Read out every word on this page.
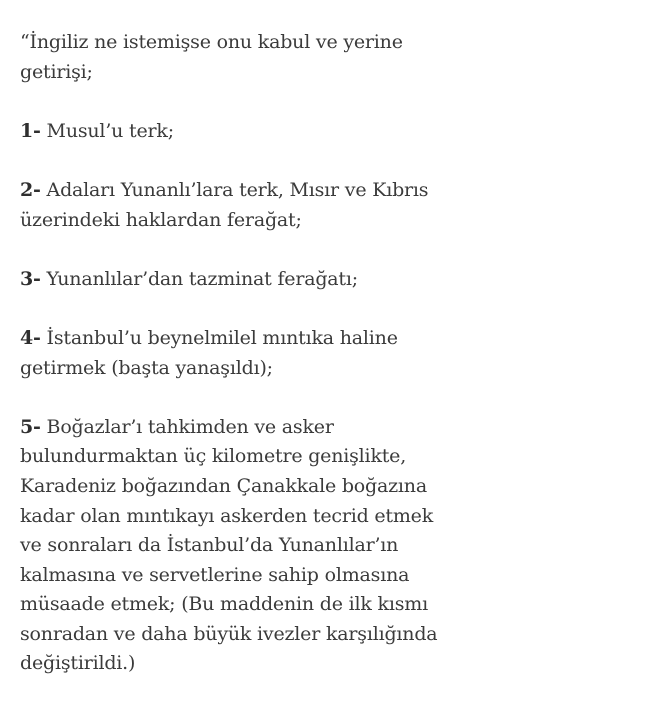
“İngiliz ne istemişse onu kabul ve yerine getirişi;

1- Musul’u terk;

2- Adaları Yunanlı’lara terk, Mısır ve Kıbrıs üzerindeki haklardan ferağat;

3- Yunanlılar’dan tazminat ferağatı;

4- İstanbul’u beynelmilel mıntıka haline getirmek (başta yanaşıldı);

5- Boğazlar’ı tahkimden ve asker bulundurmaktan üç kilometre genişlikte, Karadeniz boğazından Çanakkale boğazına kadar olan mıntıkayı askerden tecrid etmek ve sonraları da İstanbul’da Yunanlılar’ın kalmasına ve servetlerine sahip olmasına müsaade etmek; (Bu maddenin de ilk kısmı sonradan ve daha büyük ivezler karşılığında değiştirildi.)
